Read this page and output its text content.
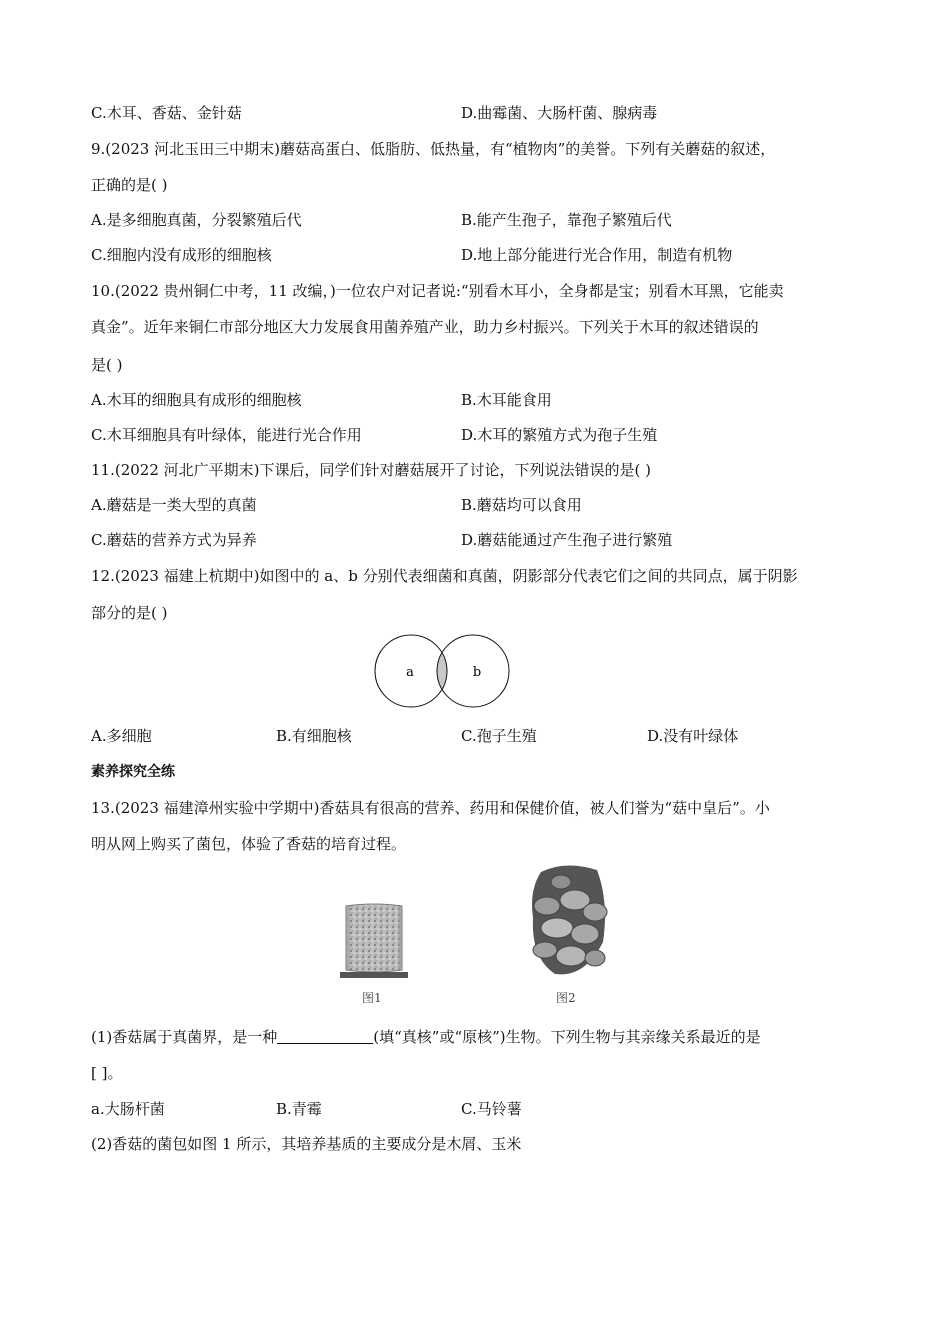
C.木耳、香菇、金针菇	D.曲霉菌、大肠杆菌、腺病毒
9.(2023 河北玉田三中期末)蘑菇高蛋白、低脂肪、低热量，有“植物肉”的美誉。下列有关蘑菇的叙述，
正确的是( )
A.是多细胞真菌，分裂繁殖后代	B.能产生孢子，靠孢子繁殖后代
C.细胞内没有成形的细胞核	D.地上部分能进行光合作用，制造有机物
10.(2022 贵州铜仁中考，11 改编，)一位农户对记者说:“别看木耳小，全身都是宝；别看木耳黑，它能卖
真金”。近年来铜仁市部分地区大力发展食用菌养殖产业，助力乡村振兴。下列关于木耳的叙述错误的
是( )
A.木耳的细胞具有成形的细胞核	B.木耳能食用
C.木耳细胞具有叶绿体，能进行光合作用	D.木耳的繁殖方式为孢子生殖
11.(2022 河北广平期末)下课后，同学们针对蘑菇展开了讨论，下列说法错误的是( )
A.蘑菇是一类大型的真菌	B.蘑菇均可以食用
C.蘑菇的营养方式为异养	D.蘑菇能通过产生孢子进行繁殖
12.(2023 福建上杭期中)如图中的 a、b 分别代表细菌和真菌，阴影部分代表它们之间的共同点，属于阴影
部分的是( )
a	b
A.多细胞	B.有细胞核	C.孢子生殖	D.没有叶绿体
素养探究全练
13.(2023 福建漳州实验中学期中)香菇具有很高的营养、药用和保健价值，被人们誉为“菇中皇后”。小
明从网上购买了菌包，体验了香菇的培育过程。
图1	图2
(1)香菇属于真菌界，是一种	(填“真核”或“原核”)生物。下列生物与其亲缘关系最近的是
[ ]。
a.大肠杆菌	B.青霉	C.马铃薯
(2)香菇的菌包如图 1 所示，其培养基质的主要成分是木屑、玉米
